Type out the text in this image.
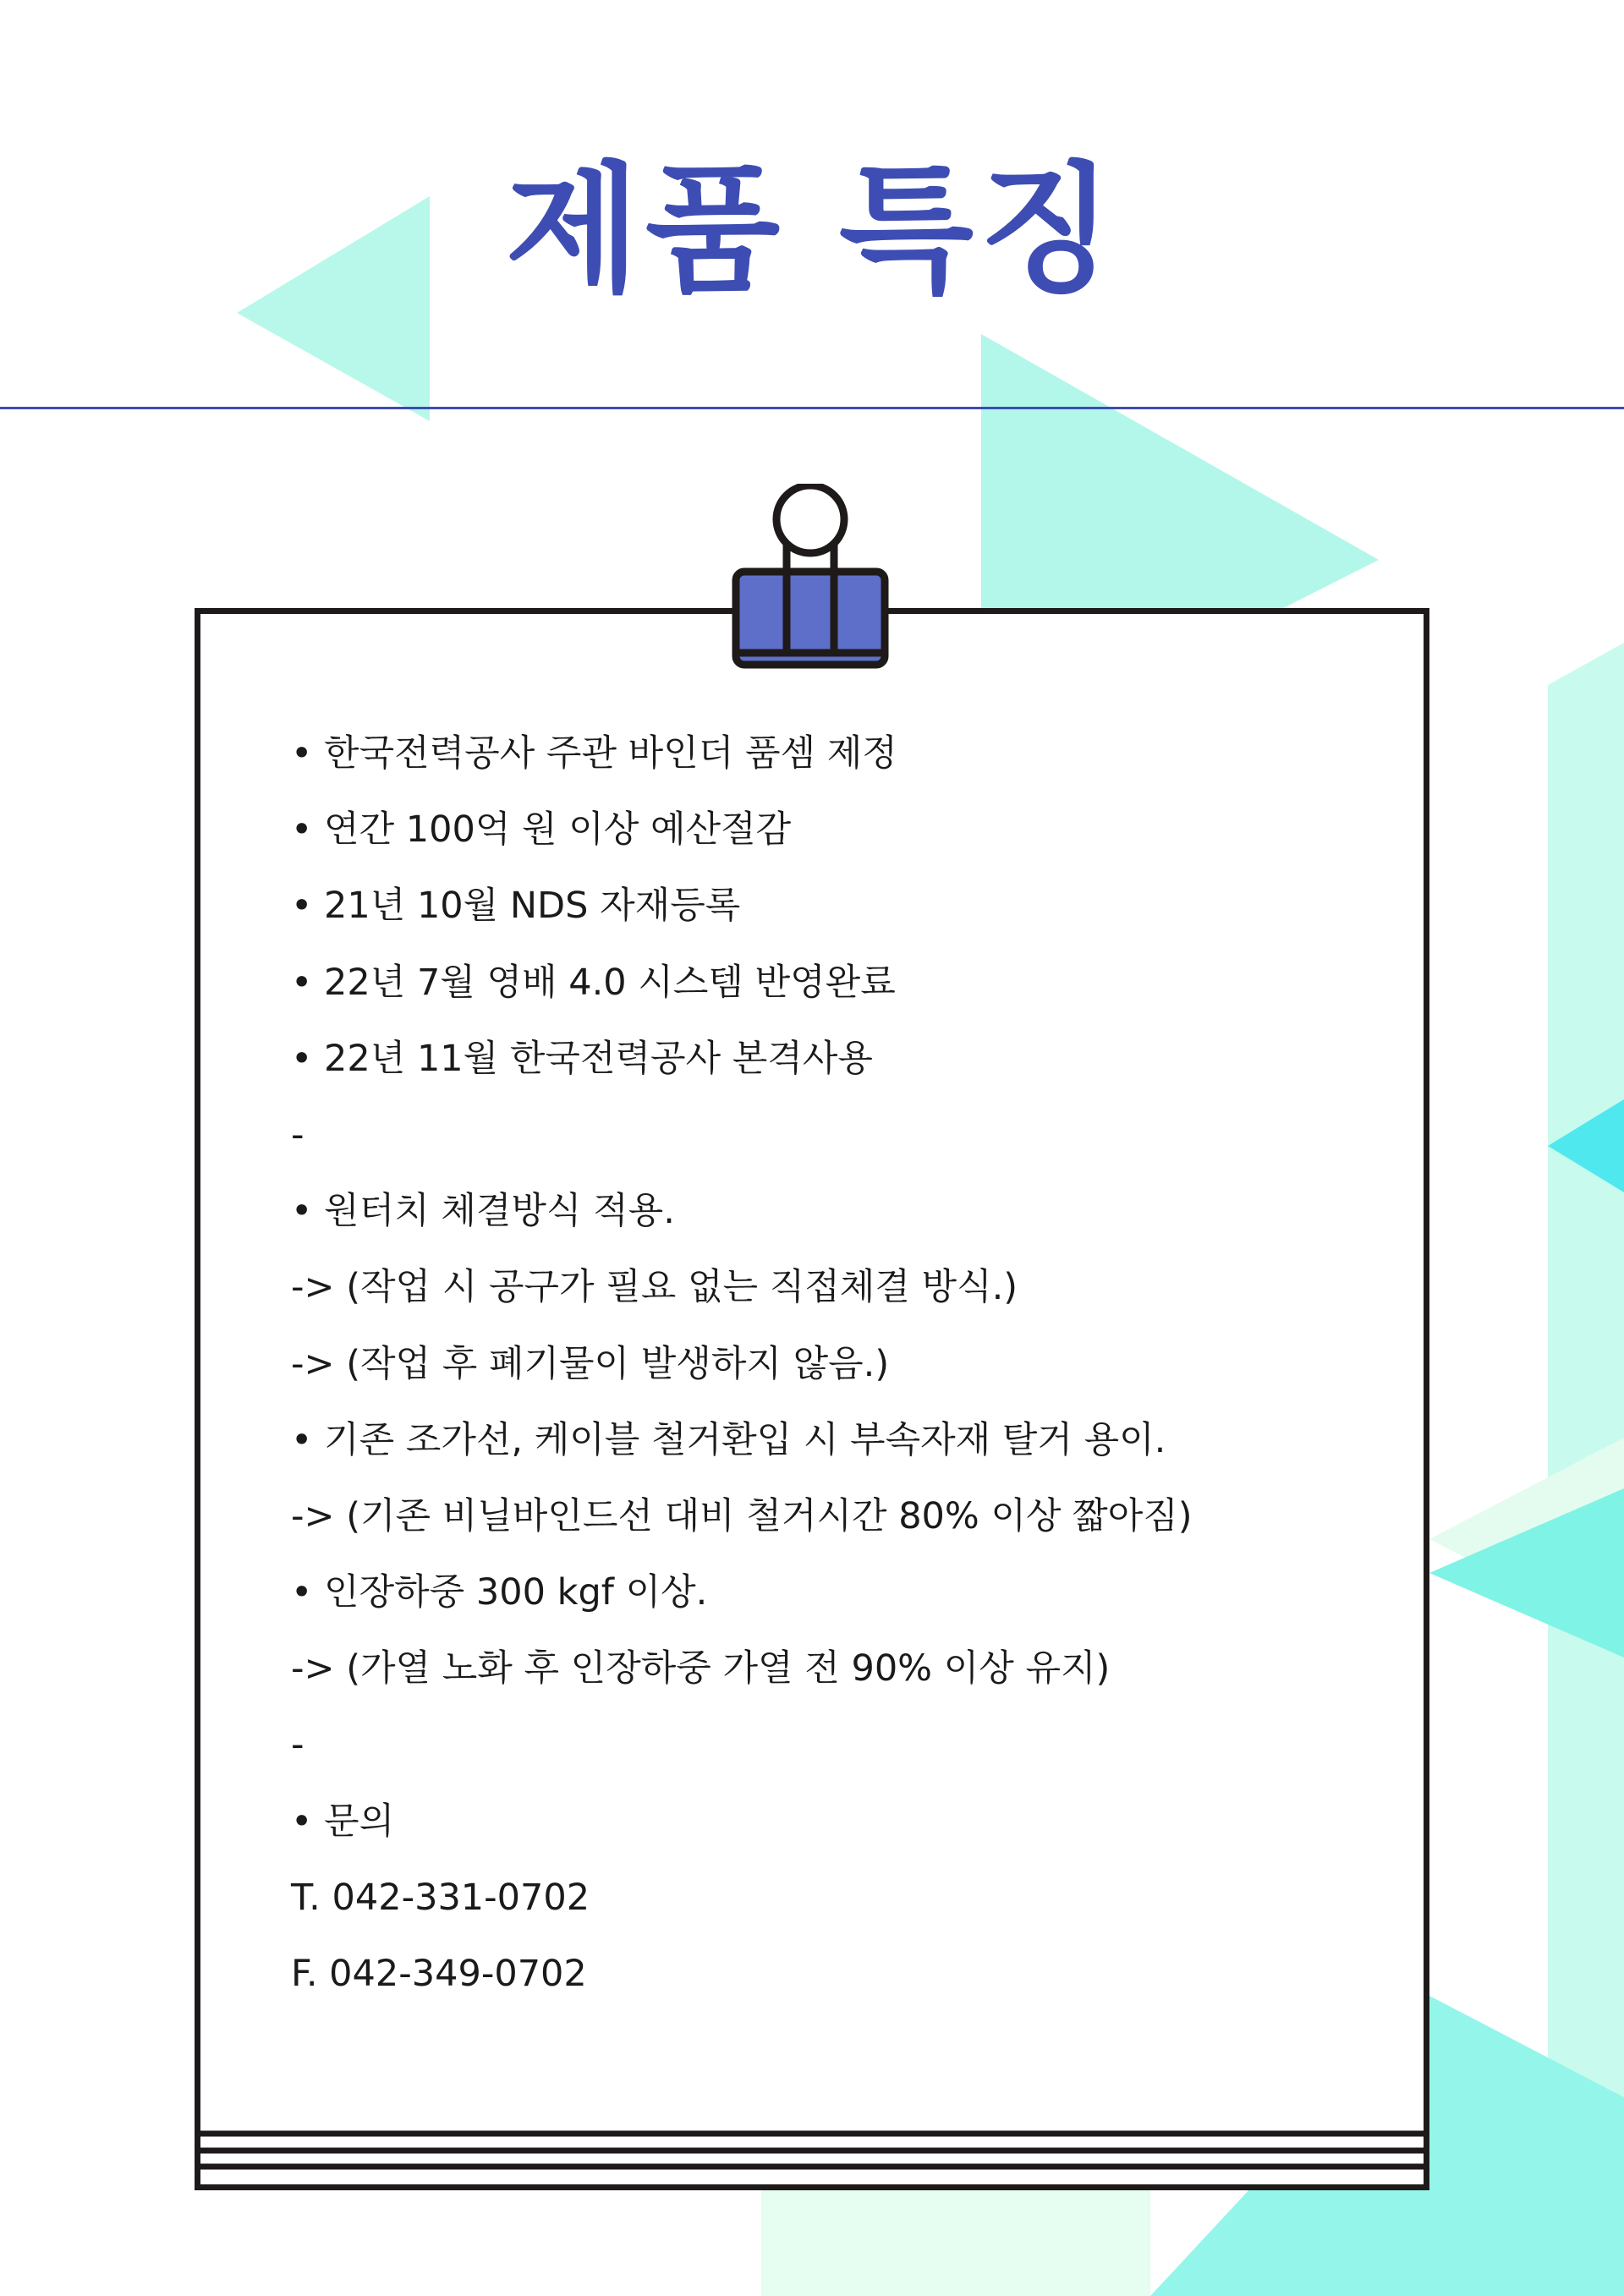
제품 특징
• 한국전력공사 주관 바인더 품셈 제정
• 연간 100억 원 이상 예산절감
• 21년 10월 NDS 자재등록
• 22년 7월 영배 4.0 시스템 반영완료
• 22년 11월 한국전력공사 본격사용
-
• 원터치 체결방식 적용.
-> (작업 시 공구가 필요 없는 직접체결 방식.)
-> (작업 후 폐기물이 발생하지 않음.)
• 기존 조가선, 케이블 철거환입 시 부속자재 탈거 용이.
-> (기존 비닐바인드선 대비 철거시간 80% 이상 짧아짐)
• 인장하중 300 kgf 이상.
-> (가열 노화 후 인장하중 가열 전 90% 이상 유지)
-
• 문의
T. 042-331-0702
F. 042-349-0702
